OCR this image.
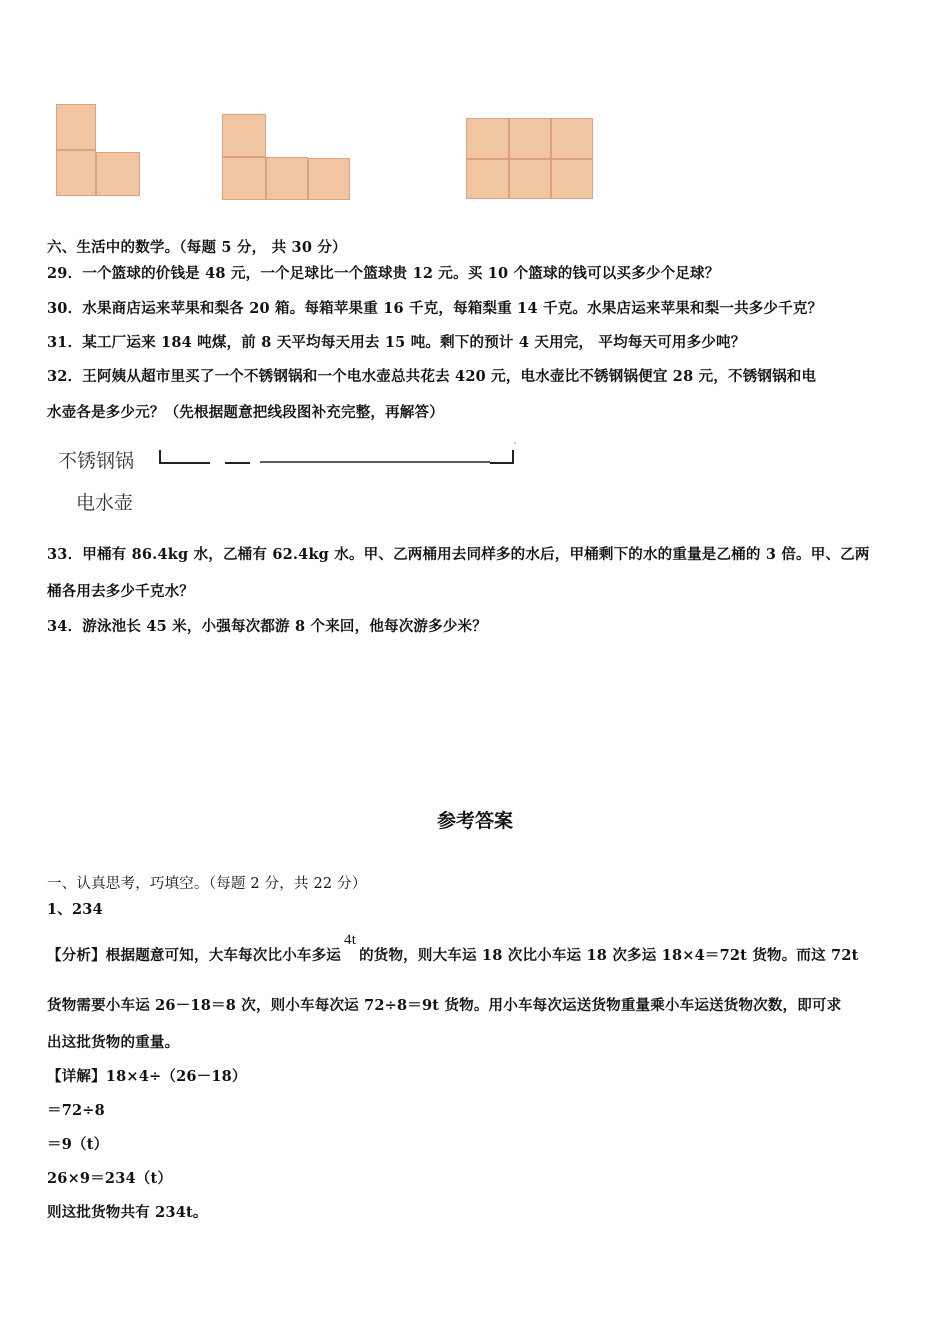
六、生活中的数学。（每题 5 分， 共 30 分）
29．一个篮球的价钱是 48 元，一个足球比一个篮球贵 12 元。买 10 个篮球的钱可以买多少个足球？
30．水果商店运来苹果和梨各 20 箱。每箱苹果重 16 千克，每箱梨重 14 千克。水果店运来苹果和梨一共多少千克？
31．某工厂运来 184 吨煤，前 8 天平均每天用去 15 吨。剩下的预计 4 天用完， 平均每天可用多少吨？
32．王阿姨从超市里买了一个不锈钢锅和一个电水壶总共花去 420 元，电水壶比不锈钢锅便宜 28 元，不锈钢锅和电
水壶各是多少元？（先根据题意把线段图补充完整，再解答）
不锈钢锅
电水壶
33．甲桶有 86.4kg 水，乙桶有 62.4kg 水。甲、乙两桶用去同样多的水后，甲桶剩下的水的重量是乙桶的 3 倍。甲、乙两
桶各用去多少千克水？
34．游泳池长 45 米，小强每次都游 8 个来回，他每次游多少米？
参考答案
一、认真思考，巧填空。（每题 2 分，共 22 分）
1、234
【分析】根据题意可知，大车每次比小车多运4t的货物，则大车运 18 次比小车运 18 次多运 18×4＝72t 货物。而这 72t
货物需要小车运 26－18＝8 次，则小车每次运 72÷8＝9t 货物。用小车每次运送货物重量乘小车运送货物次数，即可求
出这批货物的重量。
【详解】18×4÷（26－18）
＝72÷8
＝9（t）
26×9＝234（t）
则这批货物共有 234t。
